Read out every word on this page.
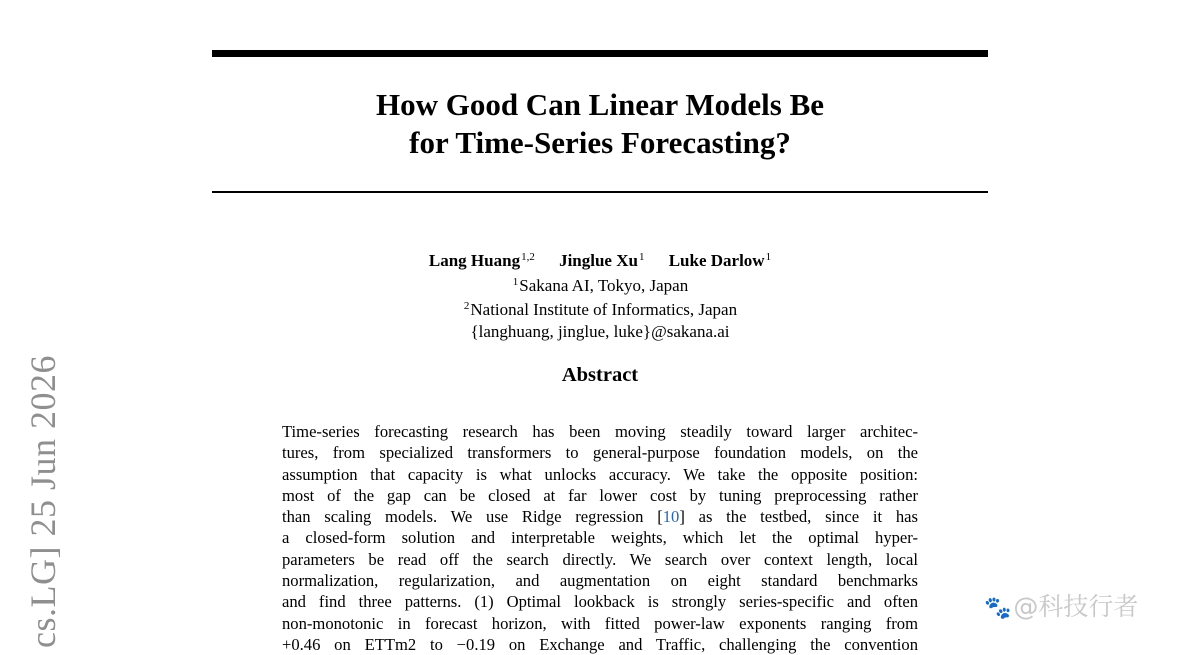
How Good Can Linear Models Be
for Time-Series Forecasting?
Lang Huang$^{1,2}$ Jinglue Xu$^1$ Luke Darlow$^1$
$^1$Sakana AI, Tokyo, Japan
$^2$National Institute of Informatics, Japan
{langhuang, jinglue, luke}@sakana.ai
Abstract
Time-series forecasting research has been moving steadily toward larger architec-
tures, from specialized transformers to general-purpose foundation models, on the
assumption that capacity is what unlocks accuracy. We take the opposite position:
most of the gap can be closed at far lower cost by tuning preprocessing rather
than scaling models. We use Ridge regression [10] as the testbed, since it has
a closed-form solution and interpretable weights, which let the optimal hyper-
parameters be read off the search directly. We search over context length, local
normalization, regularization, and augmentation on eight standard benchmarks
and find three patterns. (1) Optimal lookback is strongly series-specific and often
non-monotonic in forecast horizon, with fitted power-law exponents ranging from
+0.46 on ETTm2 to −0.19 on Exchange and Traffic, challenging the convention
cs.LG] 25 Jun 2026	🐾@科技行者
